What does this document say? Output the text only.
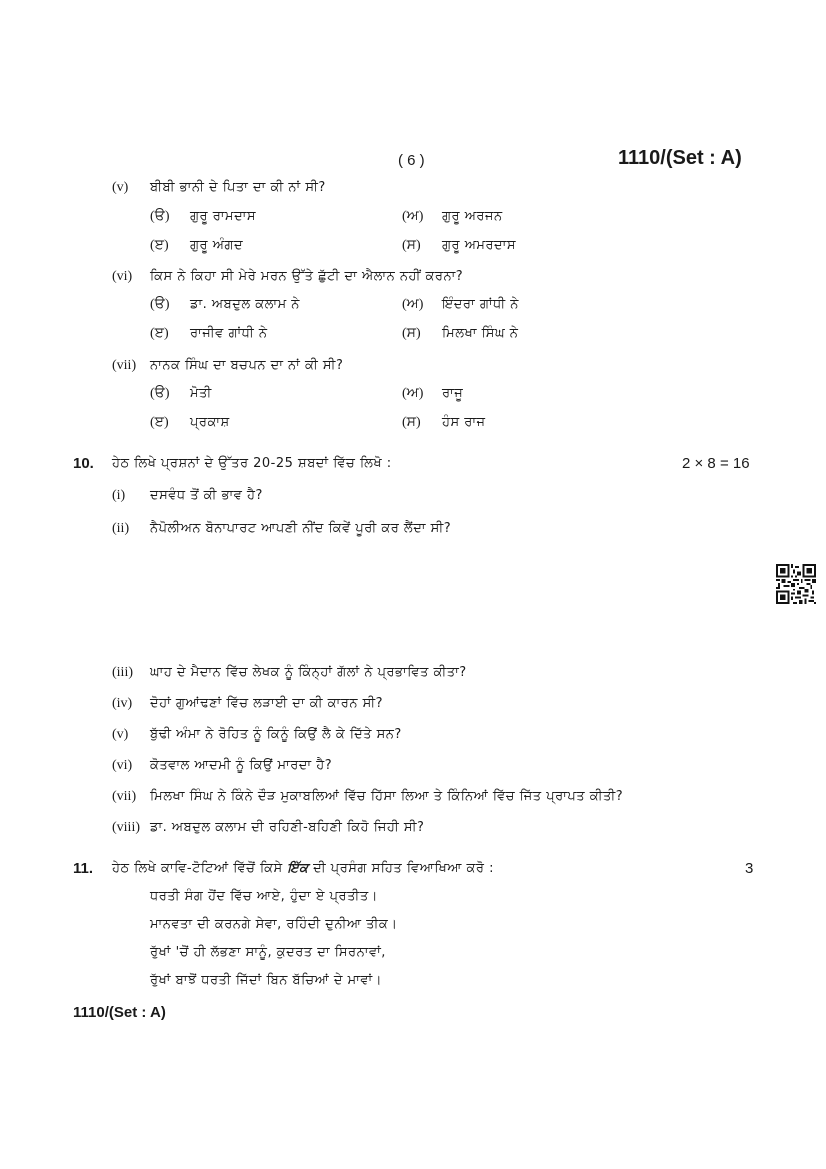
( 6 )	1110/(Set : A)
(v) ਬੀਬੀ ਭਾਨੀ ਦੇ ਪਿਤਾ ਦਾ ਕੀ ਨਾਂ ਸੀ?
(ੳ) ਗੁਰੂ ਰਾਮਦਾਸ	(ਅ) ਗੁਰੂ ਅਰਜਨ
(ੲ) ਗੁਰੂ ਅੰਗਦ	(ਸ) ਗੁਰੂ ਅਮਰਦਾਸ
(vi) ਕਿਸ ਨੇ ਕਿਹਾ ਸੀ ਮੇਰੇ ਮਰਨ ਉੱਤੇ ਛੁੱਟੀ ਦਾ ਐਲਾਨ ਨਹੀਂ ਕਰਨਾ?
(ੳ) ਡਾ. ਅਬਦੁਲ ਕਲਾਮ ਨੇ	(ਅ) ਇੰਦਰਾ ਗਾਂਧੀ ਨੇ
(ੲ) ਰਾਜੀਵ ਗਾਂਧੀ ਨੇ	(ਸ) ਮਿਲਖਾ ਸਿੰਘ ਨੇ
(vii) ਨਾਨਕ ਸਿੰਘ ਦਾ ਬਚਪਨ ਦਾ ਨਾਂ ਕੀ ਸੀ?
(ੳ) ਮੋਤੀ	(ਅ) ਰਾਜੂ
(ੲ) ਪ੍ਰਕਾਸ਼	(ਸ) ਹੰਸ ਰਾਜ
10. ਹੇਠ ਲਿਖੇ ਪ੍ਰਸ਼ਨਾਂ ਦੇ ਉੱਤਰ 20-25 ਸ਼ਬਦਾਂ ਵਿੱਚ ਲਿਖੋ :	2 × 8 = 16
(i) ਦਸਵੰਧ ਤੋਂ ਕੀ ਭਾਵ ਹੈ?
(ii) ਨੈਪੋਲੀਅਨ ਬੋਨਾਪਾਰਟ ਆਪਣੀ ਨੀਂਦ ਕਿਵੇਂ ਪੂਰੀ ਕਰ ਲੈਂਦਾ ਸੀ?
(iii) ਘਾਹ ਦੇ ਮੈਦਾਨ ਵਿੱਚ ਲੇਖਕ ਨੂੰ ਕਿੰਨ੍ਹਾਂ ਗੱਲਾਂ ਨੇ ਪ੍ਰਭਾਵਿਤ ਕੀਤਾ?
(iv) ਦੋਹਾਂ ਗੁਆਂਢਣਾਂ ਵਿੱਚ ਲੜਾਈ ਦਾ ਕੀ ਕਾਰਨ ਸੀ?
(v) ਬੁੱਢੀ ਅੰਮਾ ਨੇ ਰੋਹਿਤ ਨੂੰ ਕਿਨੂੰ ਕਿਉਂ ਲੈ ਕੇ ਦਿੱਤੇ ਸਨ?
(vi) ਕੋਤਵਾਲ ਆਦਮੀ ਨੂੰ ਕਿਉਂ ਮਾਰਦਾ ਹੈ?
(vii) ਮਿਲਖਾ ਸਿੰਘ ਨੇ ਕਿੰਨੇ ਦੌੜ ਮੁਕਾਬਲਿਆਂ ਵਿੱਚ ਹਿੱਸਾ ਲਿਆ ਤੇ ਕਿੰਨਿਆਂ ਵਿੱਚ ਜਿੱਤ ਪ੍ਰਾਪਤ ਕੀਤੀ?
(viii) ਡਾ. ਅਬਦੁਲ ਕਲਾਮ ਦੀ ਰਹਿਣੀ-ਬਹਿਣੀ ਕਿਹੋ ਜਿਹੀ ਸੀ?
11. ਹੇਠ ਲਿਖੇ ਕਾਵਿ-ਟੋਟਿਆਂ ਵਿੱਚੋਂ ਕਿਸੇ ਇੱਕ ਦੀ ਪ੍ਰਸੰਗ ਸਹਿਤ ਵਿਆਖਿਆ ਕਰੋ :	3
ਧਰਤੀ ਸੰਗ ਹੋਂਦ ਵਿੱਚ ਆਏ, ਹੁੰਦਾ ਏ ਪ੍ਰਤੀਤ।
ਮਾਨਵਤਾ ਦੀ ਕਰਨਗੇ ਸੇਵਾ, ਰਹਿੰਦੀ ਦੁਨੀਆ ਤੀਕ।
ਰੁੱਖਾਂ 'ਚੋਂ ਹੀ ਲੱਭਣਾ ਸਾਨੂੰ, ਕੁਦਰਤ ਦਾ ਸਿਰਨਾਵਾਂ,
ਰੁੱਖਾਂ ਬਾਝੋਂ ਧਰਤੀ ਜਿੱਦਾਂ ਬਿਨ ਬੱਚਿਆਂ ਦੇ ਮਾਵਾਂ।
1110/(Set : A)
